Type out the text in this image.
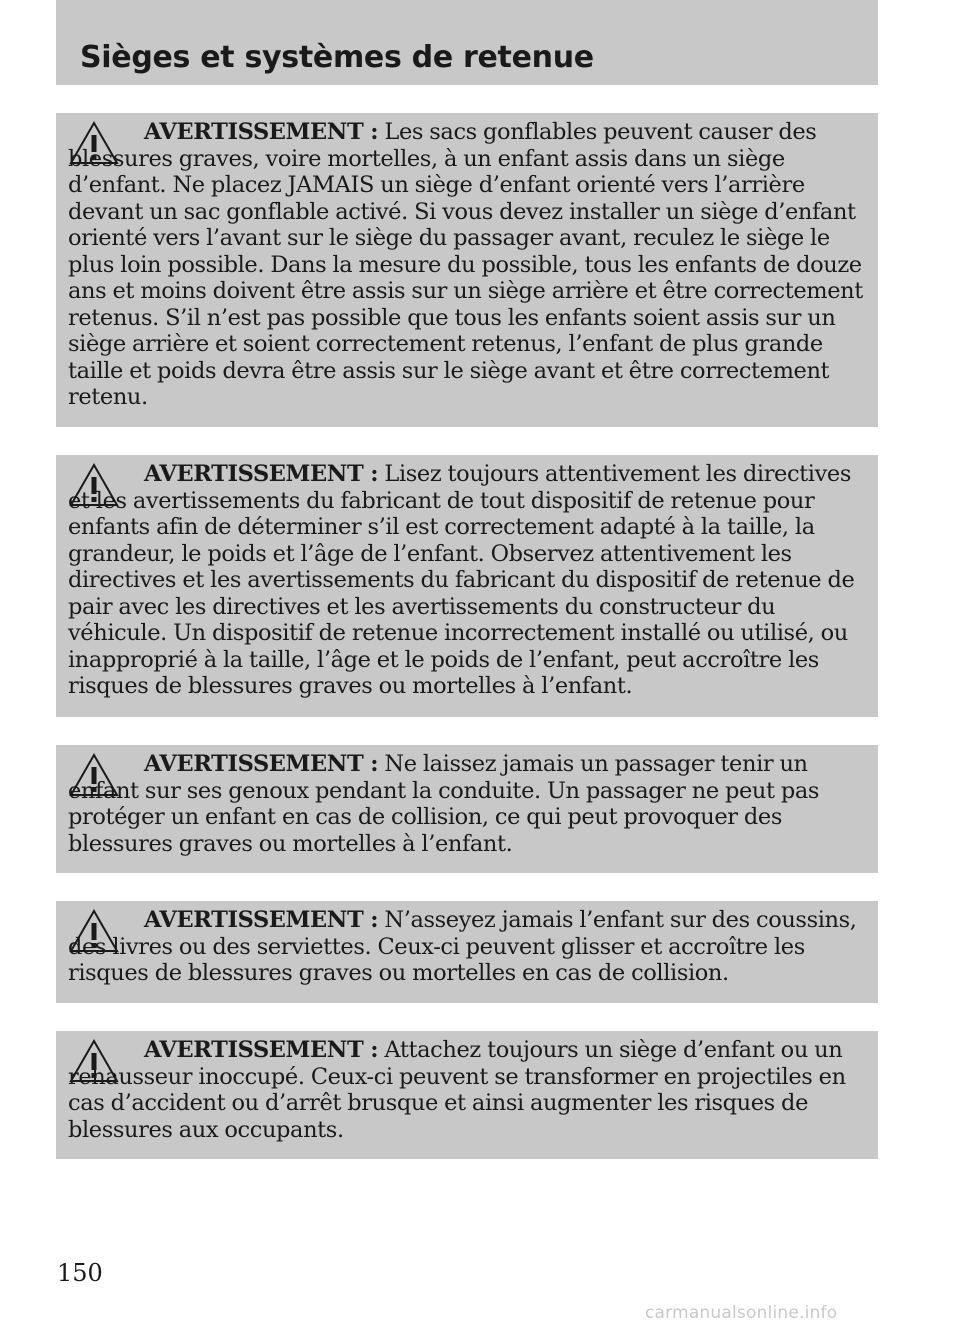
Sièges et systèmes de retenue
AVERTISSEMENT : Les sacs gonflables peuvent causer des blessures graves, voire mortelles, à un enfant assis dans un siège d’enfant. Ne placez JAMAIS un siège d’enfant orienté vers l’arrière devant un sac gonflable activé. Si vous devez installer un siège d’enfant orienté vers l’avant sur le siège du passager avant, reculez le siège le plus loin possible. Dans la mesure du possible, tous les enfants de douze ans et moins doivent être assis sur un siège arrière et être correctement retenus. S’il n’est pas possible que tous les enfants soient assis sur un siège arrière et soient correctement retenus, l’enfant de plus grande taille et poids devra être assis sur le siège avant et être correctement retenu.
AVERTISSEMENT : Lisez toujours attentivement les directives et les avertissements du fabricant de tout dispositif de retenue pour enfants afin de déterminer s’il est correctement adapté à la taille, la grandeur, le poids et l’âge de l’enfant. Observez attentivement les directives et les avertissements du fabricant du dispositif de retenue de pair avec les directives et les avertissements du constructeur du véhicule. Un dispositif de retenue incorrectement installé ou utilisé, ou inapproprié à la taille, l’âge et le poids de l’enfant, peut accroître les risques de blessures graves ou mortelles à l’enfant.
AVERTISSEMENT : Ne laissez jamais un passager tenir un enfant sur ses genoux pendant la conduite. Un passager ne peut pas protéger un enfant en cas de collision, ce qui peut provoquer des blessures graves ou mortelles à l’enfant.
AVERTISSEMENT : N’asseyez jamais l’enfant sur des coussins, des livres ou des serviettes. Ceux-ci peuvent glisser et accroître les risques de blessures graves ou mortelles en cas de collision.
AVERTISSEMENT : Attachez toujours un siège d’enfant ou un rehausseur inoccupé. Ceux-ci peuvent se transformer en projectiles en cas d’accident ou d’arrêt brusque et ainsi augmenter les risques de blessures aux occupants.
150
carmanualsonline.info
